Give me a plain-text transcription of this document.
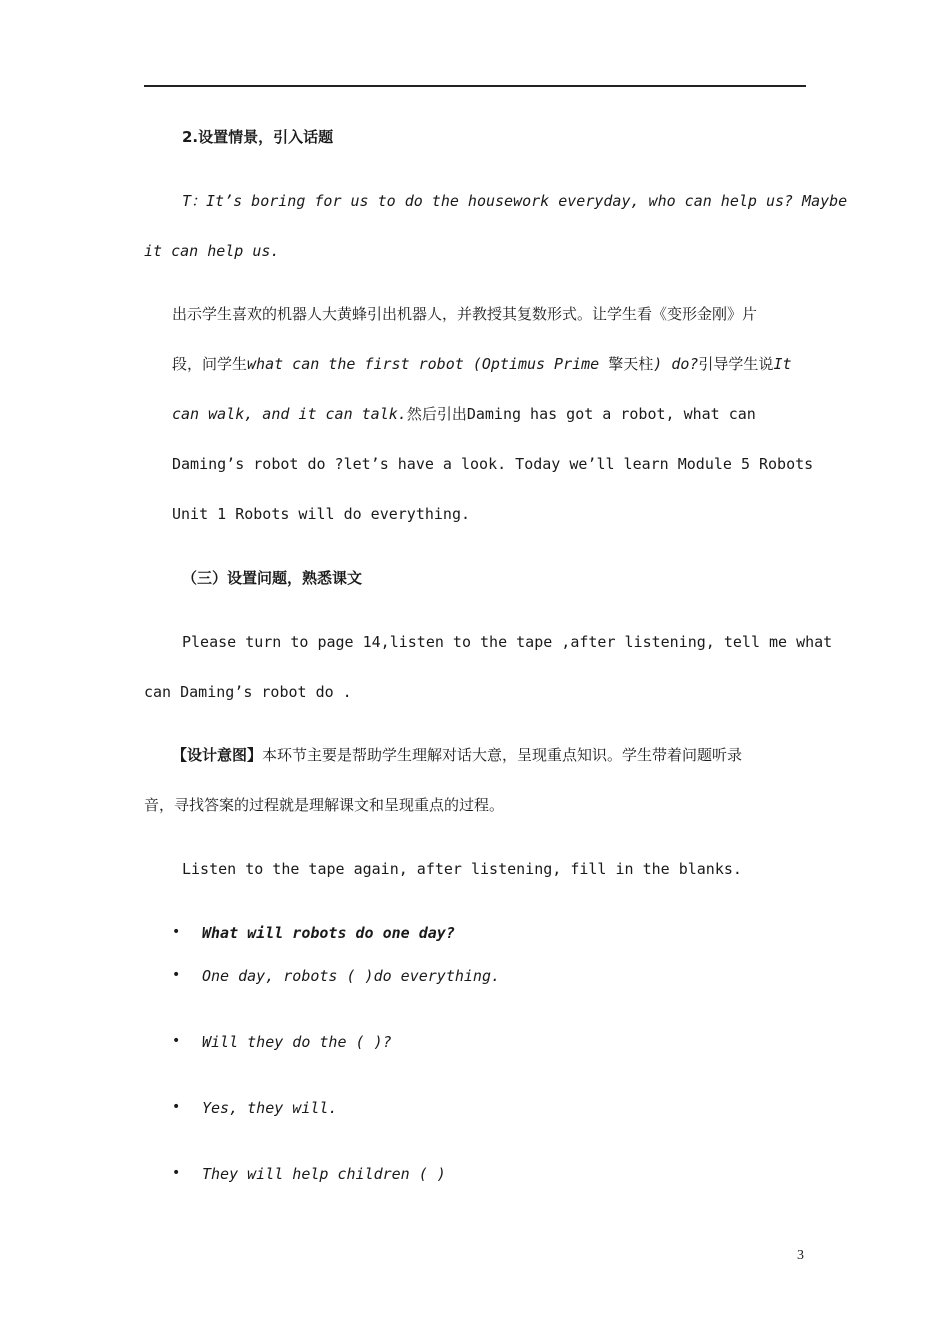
2.设置情景，引入话题
T：It’s boring for us to do the housework everyday, who can help us? Maybe
it can help us.
出示学生喜欢的机器人大黄蜂引出机器人，并教授其复数形式。让学生看《变形金刚》片
段，问学生what can the first robot (Optimus Prime 擎天柱) do?引导学生说It
can walk, and it can talk.然后引出Daming has got a robot, what can
Daming’s robot do ?let’s have a look. Today we’ll learn Module 5 Robots
Unit 1 Robots will do everything.
（三）设置问题，熟悉课文
Please turn to page 14,listen to the tape ,after listening, tell me what
can Daming’s robot do .
【设计意图】本环节主要是帮助学生理解对话大意，呈现重点知识。学生带着问题听录
音，寻找答案的过程就是理解课文和呈现重点的过程。
Listen to the tape again, after listening, fill in the blanks.
• What will robots do one day?
• One day, robots ( )do everything.
• Will they do the ( )?
• Yes, they will.
• They will help children ( )
3
